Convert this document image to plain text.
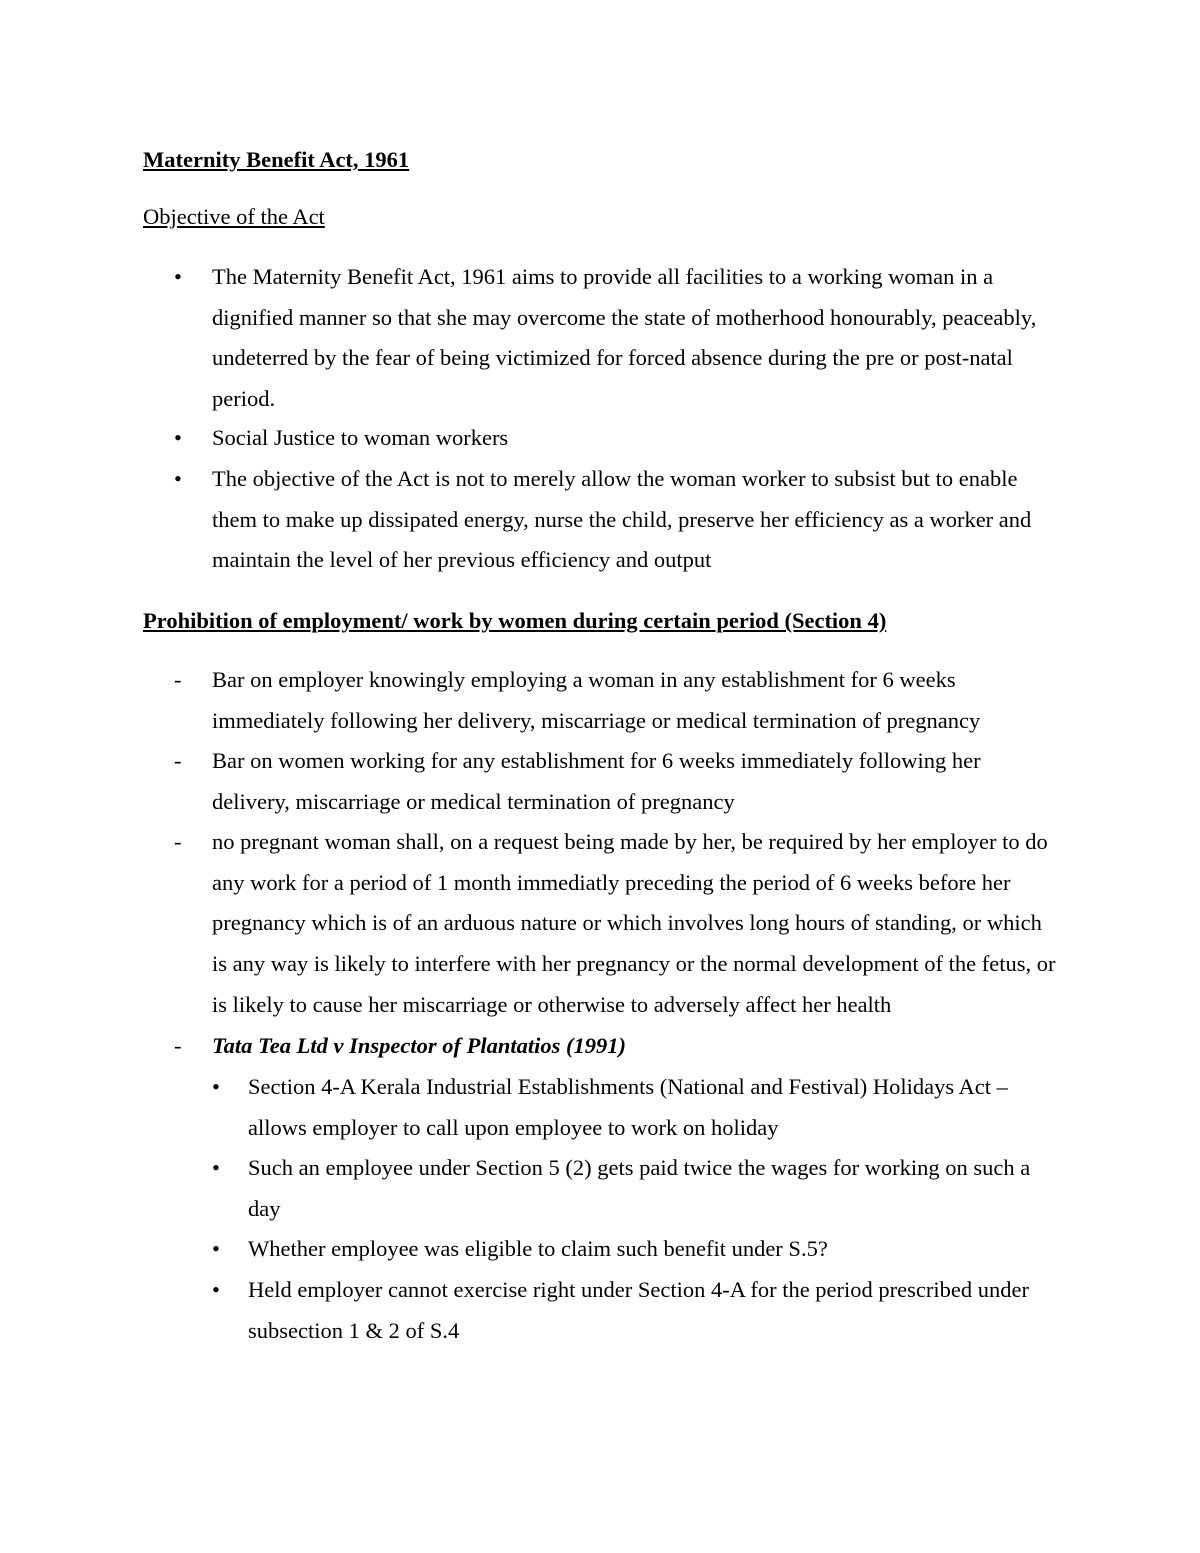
Maternity Benefit Act, 1961
Objective of the Act
• The Maternity Benefit Act, 1961 aims to provide all facilities to a working woman in a dignified manner so that she may overcome the state of motherhood honourably, peaceably, undeterred by the fear of being victimized for forced absence during the pre or post-natal period.
• Social Justice to woman workers
• The objective of the Act is not to merely allow the woman worker to subsist but to enable them to make up dissipated energy, nurse the child, preserve her efficiency as a worker and maintain the level of her previous efficiency and output
Prohibition of employment/ work by women during certain period (Section 4)
- Bar on employer knowingly employing a woman in any establishment for 6 weeks immediately following her delivery, miscarriage or medical termination of pregnancy
- Bar on women working for any establishment for 6 weeks immediately following her delivery, miscarriage or medical termination of pregnancy
- no pregnant woman shall, on a request being made by her, be required by her employer to do any work for a period of 1 month immediatly preceding the period of 6 weeks before her pregnancy which is of an arduous nature or which involves long hours of standing, or which is any way is likely to interfere with her pregnancy or the normal development of the fetus, or is likely to cause her miscarriage or otherwise to adversely affect her health
- Tata Tea Ltd v Inspector of Plantatios (1991)
• Section 4-A Kerala Industrial Establishments (National and Festival) Holidays Act – allows employer to call upon employee to work on holiday
• Such an employee under Section 5 (2) gets paid twice the wages for working on such a day
• Whether employee was eligible to claim such benefit under S.5?
• Held employer cannot exercise right under Section 4-A for the period prescribed under subsection 1 & 2 of S.4
